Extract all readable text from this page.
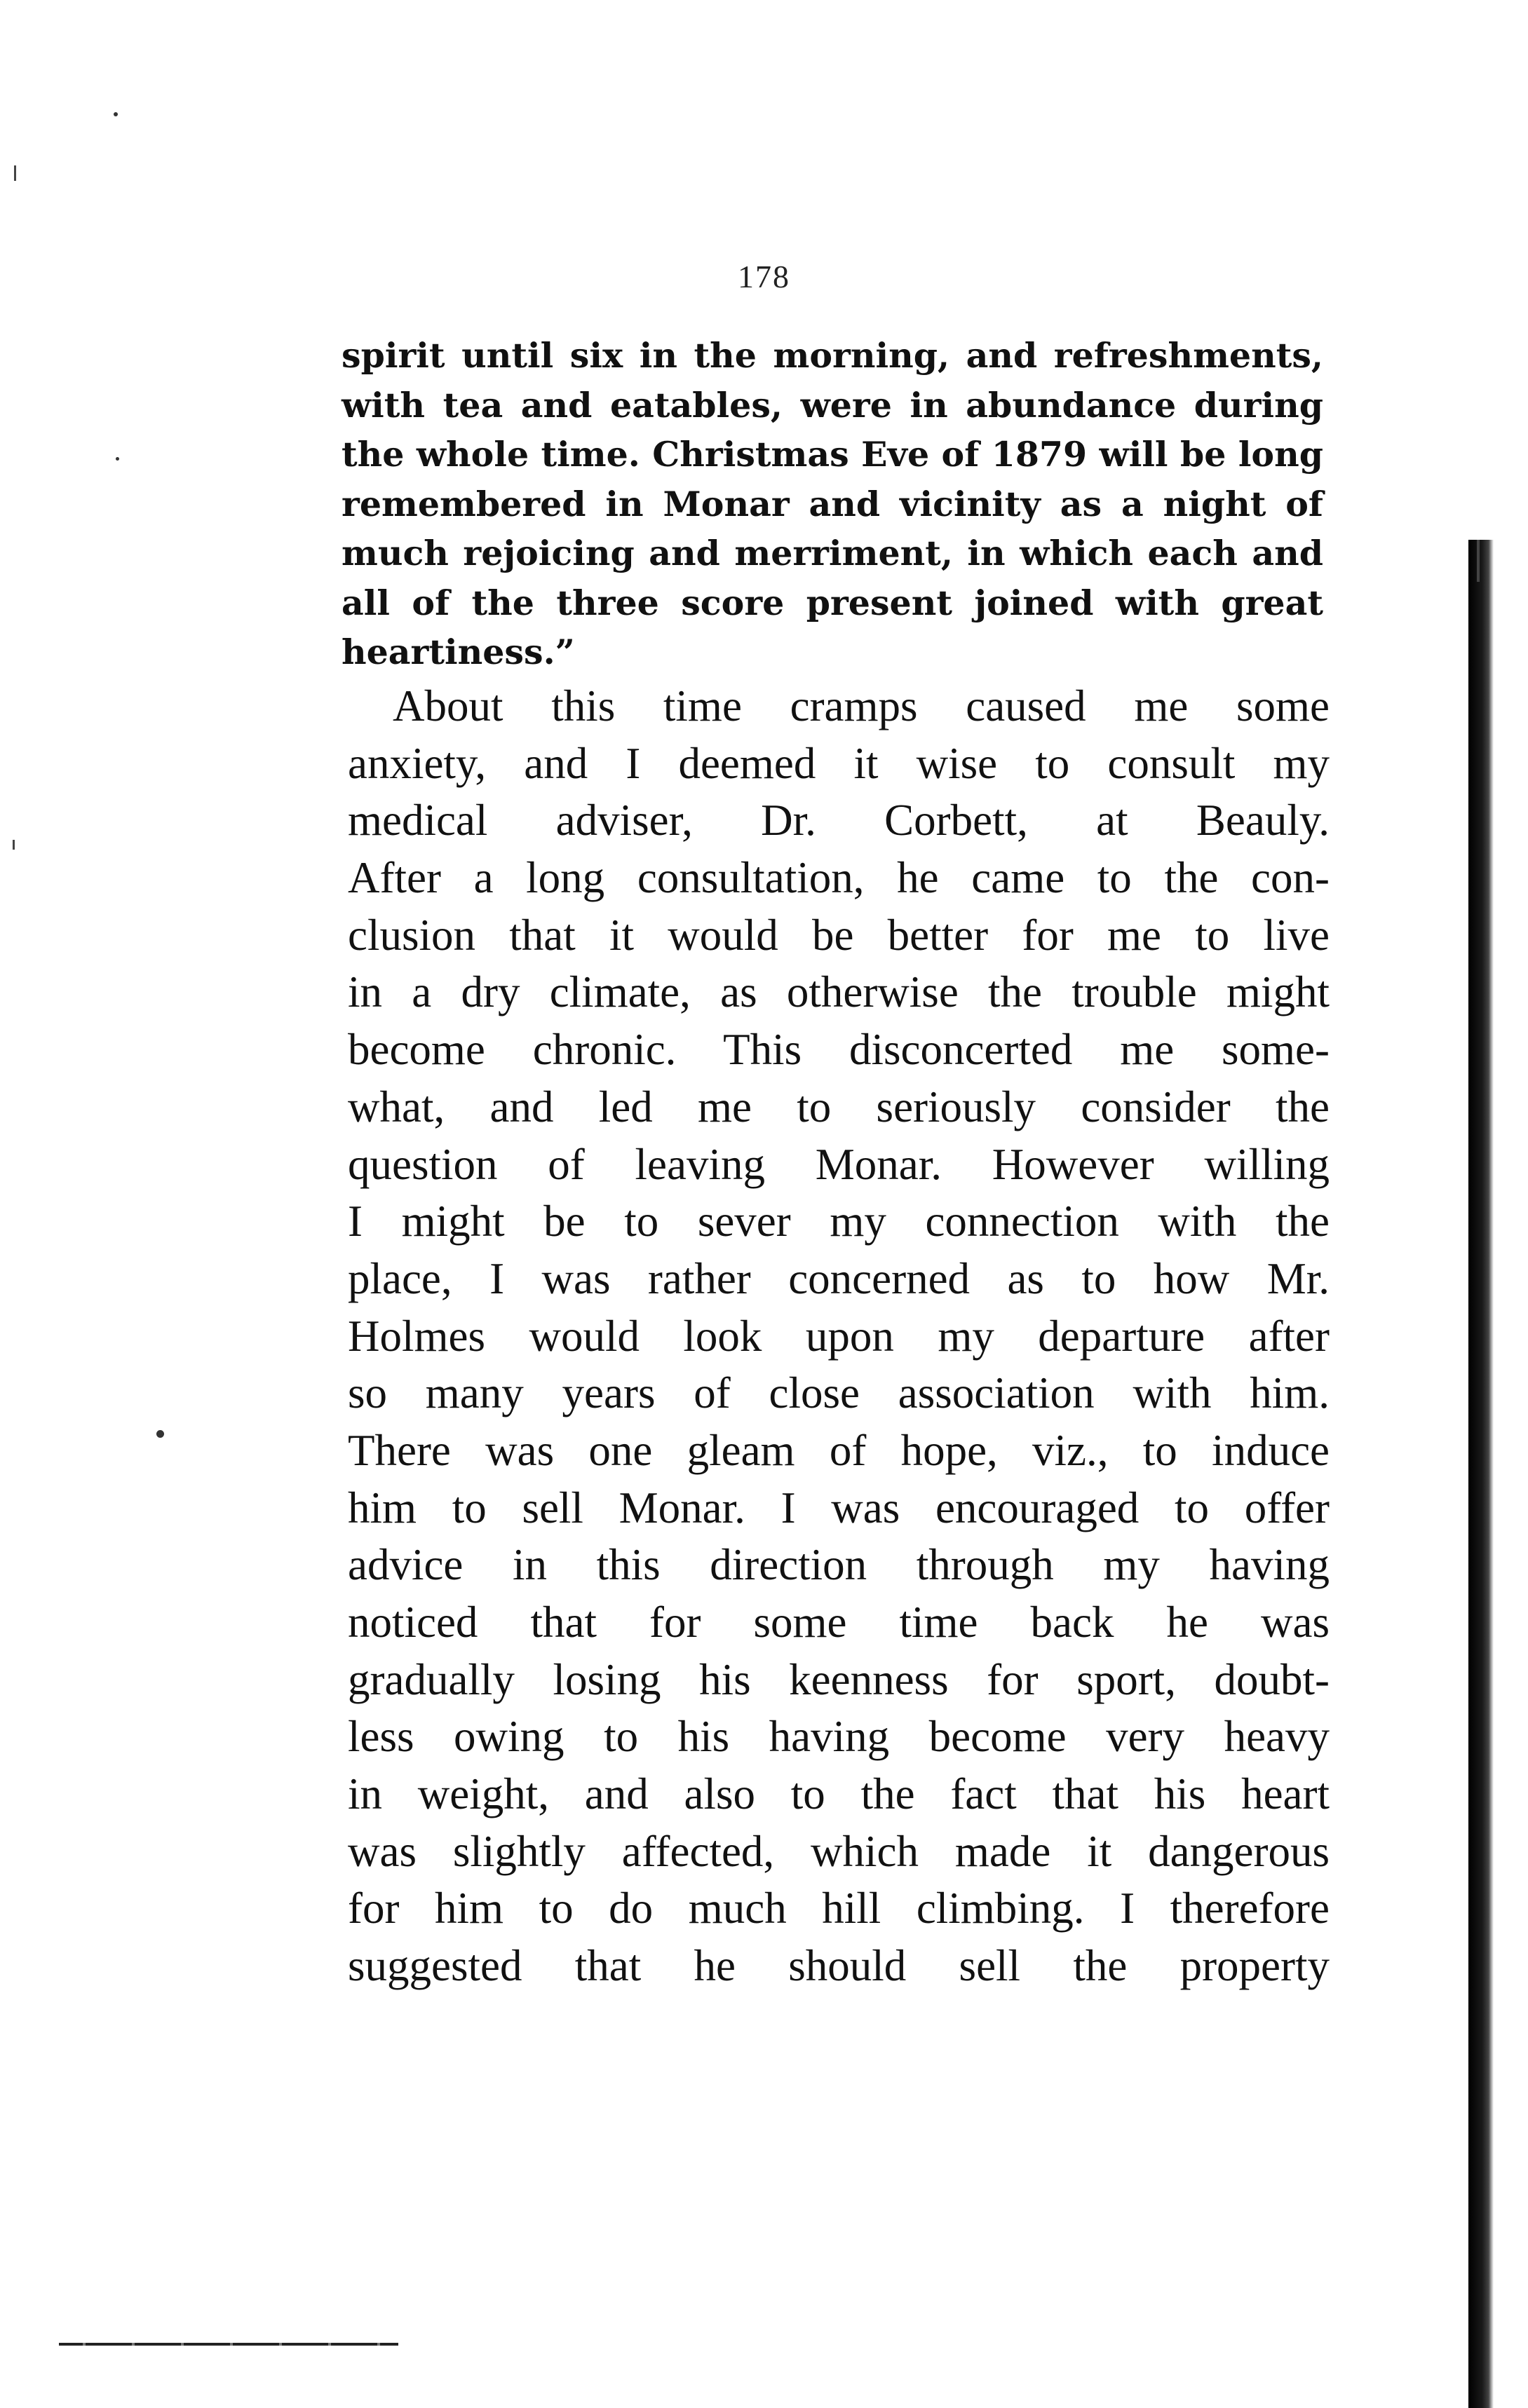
178
spirit until six in the morning, and refreshments,
with tea and eatables, were in abundance during
the whole time. Christmas Eve of 1879 will be long
remembered in Monar and vicinity as a night of
much rejoicing and merriment, in which each and
all of the three score present joined with great
heartiness.”
About this time cramps caused me some
anxiety, and I deemed it wise to consult my
medical adviser, Dr. Corbett, at Beauly.
After a long consultation, he came to the con-
clusion that it would be better for me to live
in a dry climate, as otherwise the trouble might
become chronic. This disconcerted me some-
what, and led me to seriously consider the
question of leaving Monar. However willing
I might be to sever my connection with the
place, I was rather concerned as to how Mr.
Holmes would look upon my departure after
so many years of close association with him.
There was one gleam of hope, viz., to induce
him to sell Monar. I was encouraged to offer
advice in this direction through my having
noticed that for some time back he was
gradually losing his keenness for sport, doubt-
less owing to his having become very heavy
in weight, and also to the fact that his heart
was slightly affected, which made it dangerous
for him to do much hill climbing. I therefore
suggested that he should sell the property
